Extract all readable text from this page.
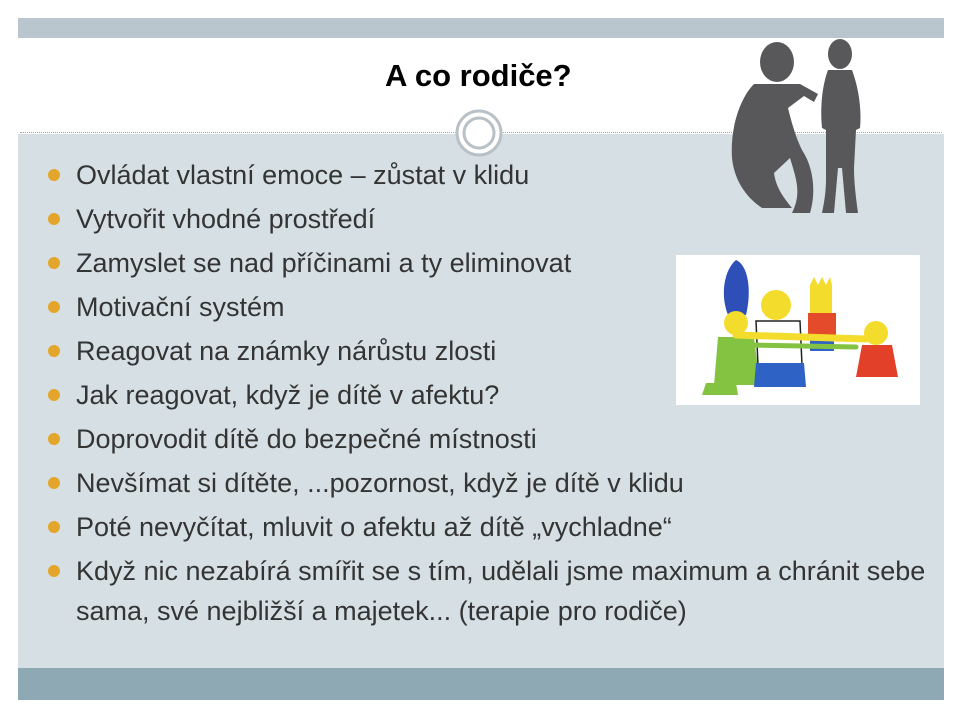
A co rodiče?
Ovládat vlastní emoce – zůstat v klidu
Vytvořit vhodné prostředí
Zamyslet se nad příčinami a ty eliminovat
Motivační systém
Reagovat na známky nárůstu zlosti
Jak reagovat, když je dítě v afektu?
Doprovodit dítě do bezpečné místnosti
Nevšímat si dítěte, ...pozornost, když je dítě v klidu
Poté nevyčítat, mluvit o afektu až dítě „vychladne“
Když nic nezabírá smířit se s tím, udělali jsme maximum a chránit sebe sama, své nejbližší a majetek... (terapie pro rodiče)
